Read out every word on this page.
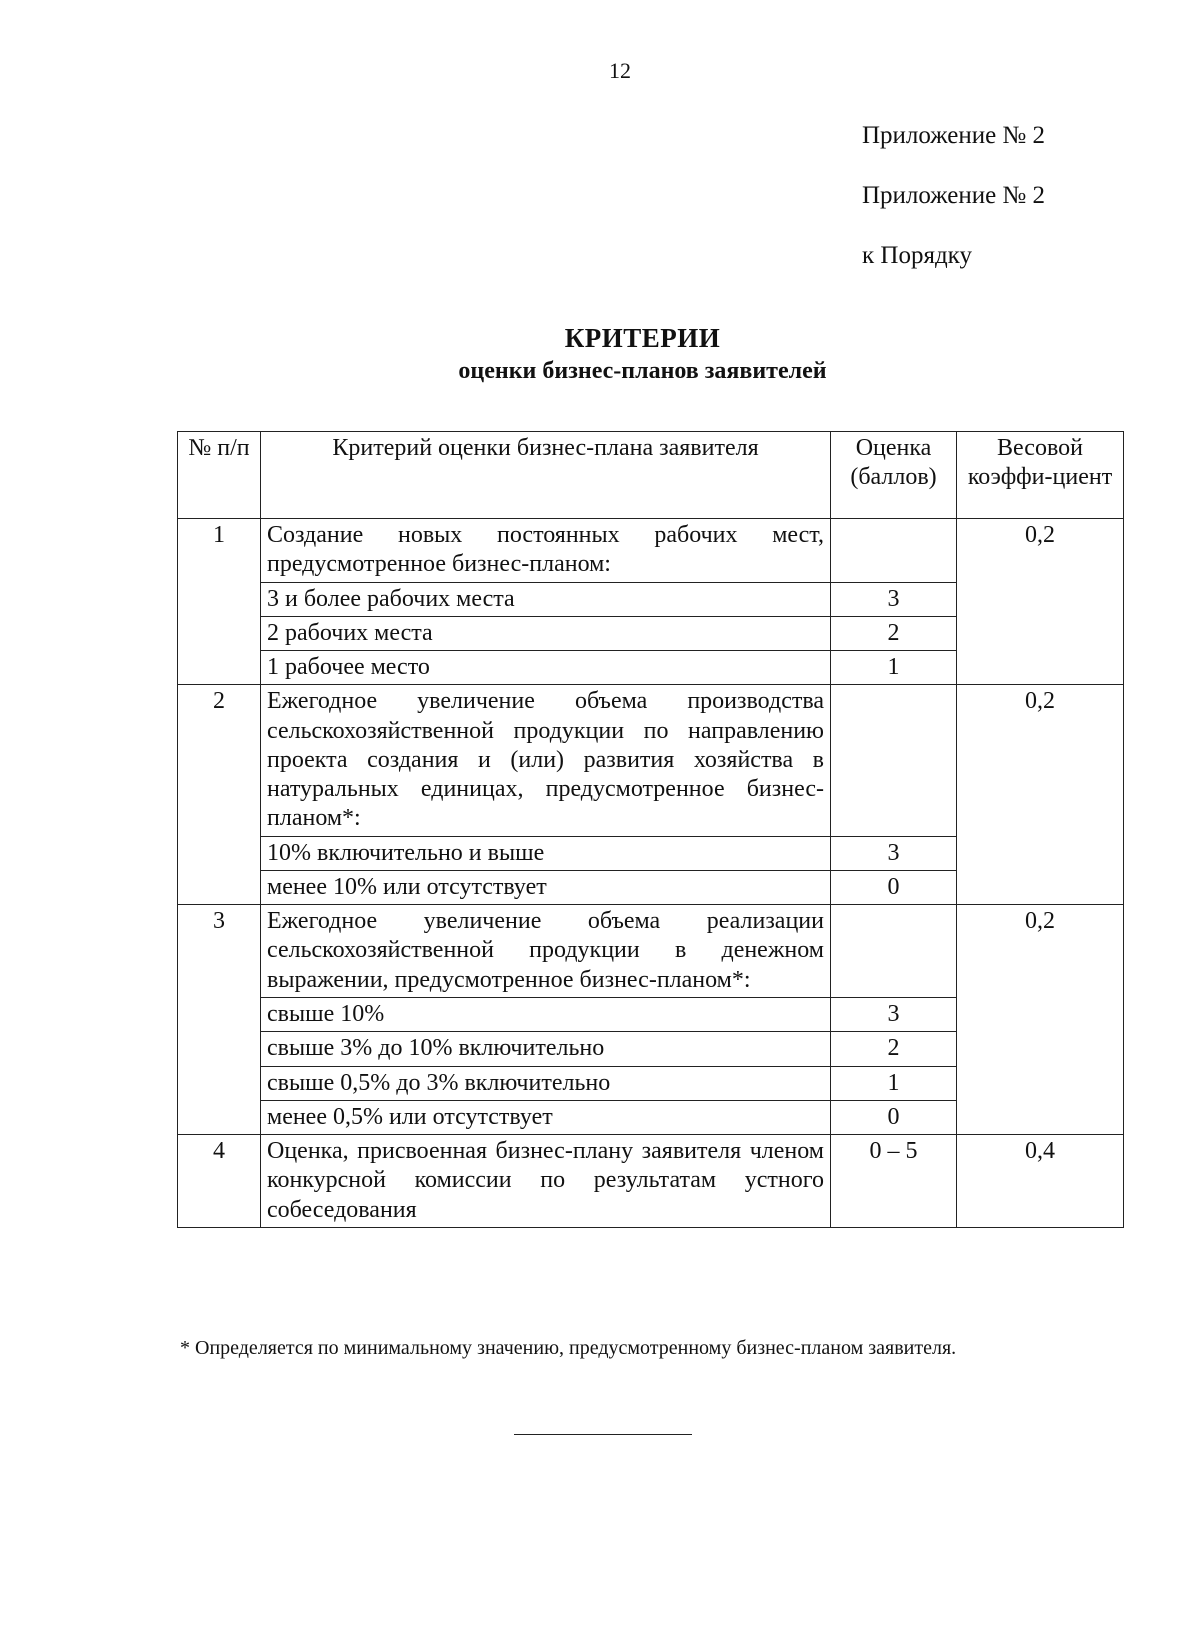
12
Приложение № 2
Приложение № 2
к Порядку
КРИТЕРИИ
оценки бизнес-планов заявителей
№ п/п	Критерий оценки бизнес-плана заявителя	Оценка (баллов)	Весовой коэффи-циент
1	Создание новых постоянных рабочих мест, предусмотренное бизнес-планом:		0,2
	3 и более рабочих места	3	
	2 рабочих места	2	
	1 рабочее место	1	
2	Ежегодное увеличение объема производства сельскохозяйственной продукции по направлению проекта создания и (или) развития хозяйства в натуральных единицах, предусмотренное бизнес-планом*:		0,2
	10% включительно и выше	3	
	менее 10% или отсутствует	0	
3	Ежегодное увеличение объема реализации сельскохозяйственной продукции в денежном выражении, предусмотренное бизнес-планом*:		0,2
	свыше 10%	3	
	свыше 3% до 10% включительно	2	
	свыше 0,5% до 3% включительно	1	
	менее 0,5% или отсутствует	0	
4	Оценка, присвоенная бизнес-плану заявителя членом конкурсной комиссии по результатам устного собеседования	0 – 5	0,4
* Определяется по минимальному значению, предусмотренному бизнес-планом заявителя.
